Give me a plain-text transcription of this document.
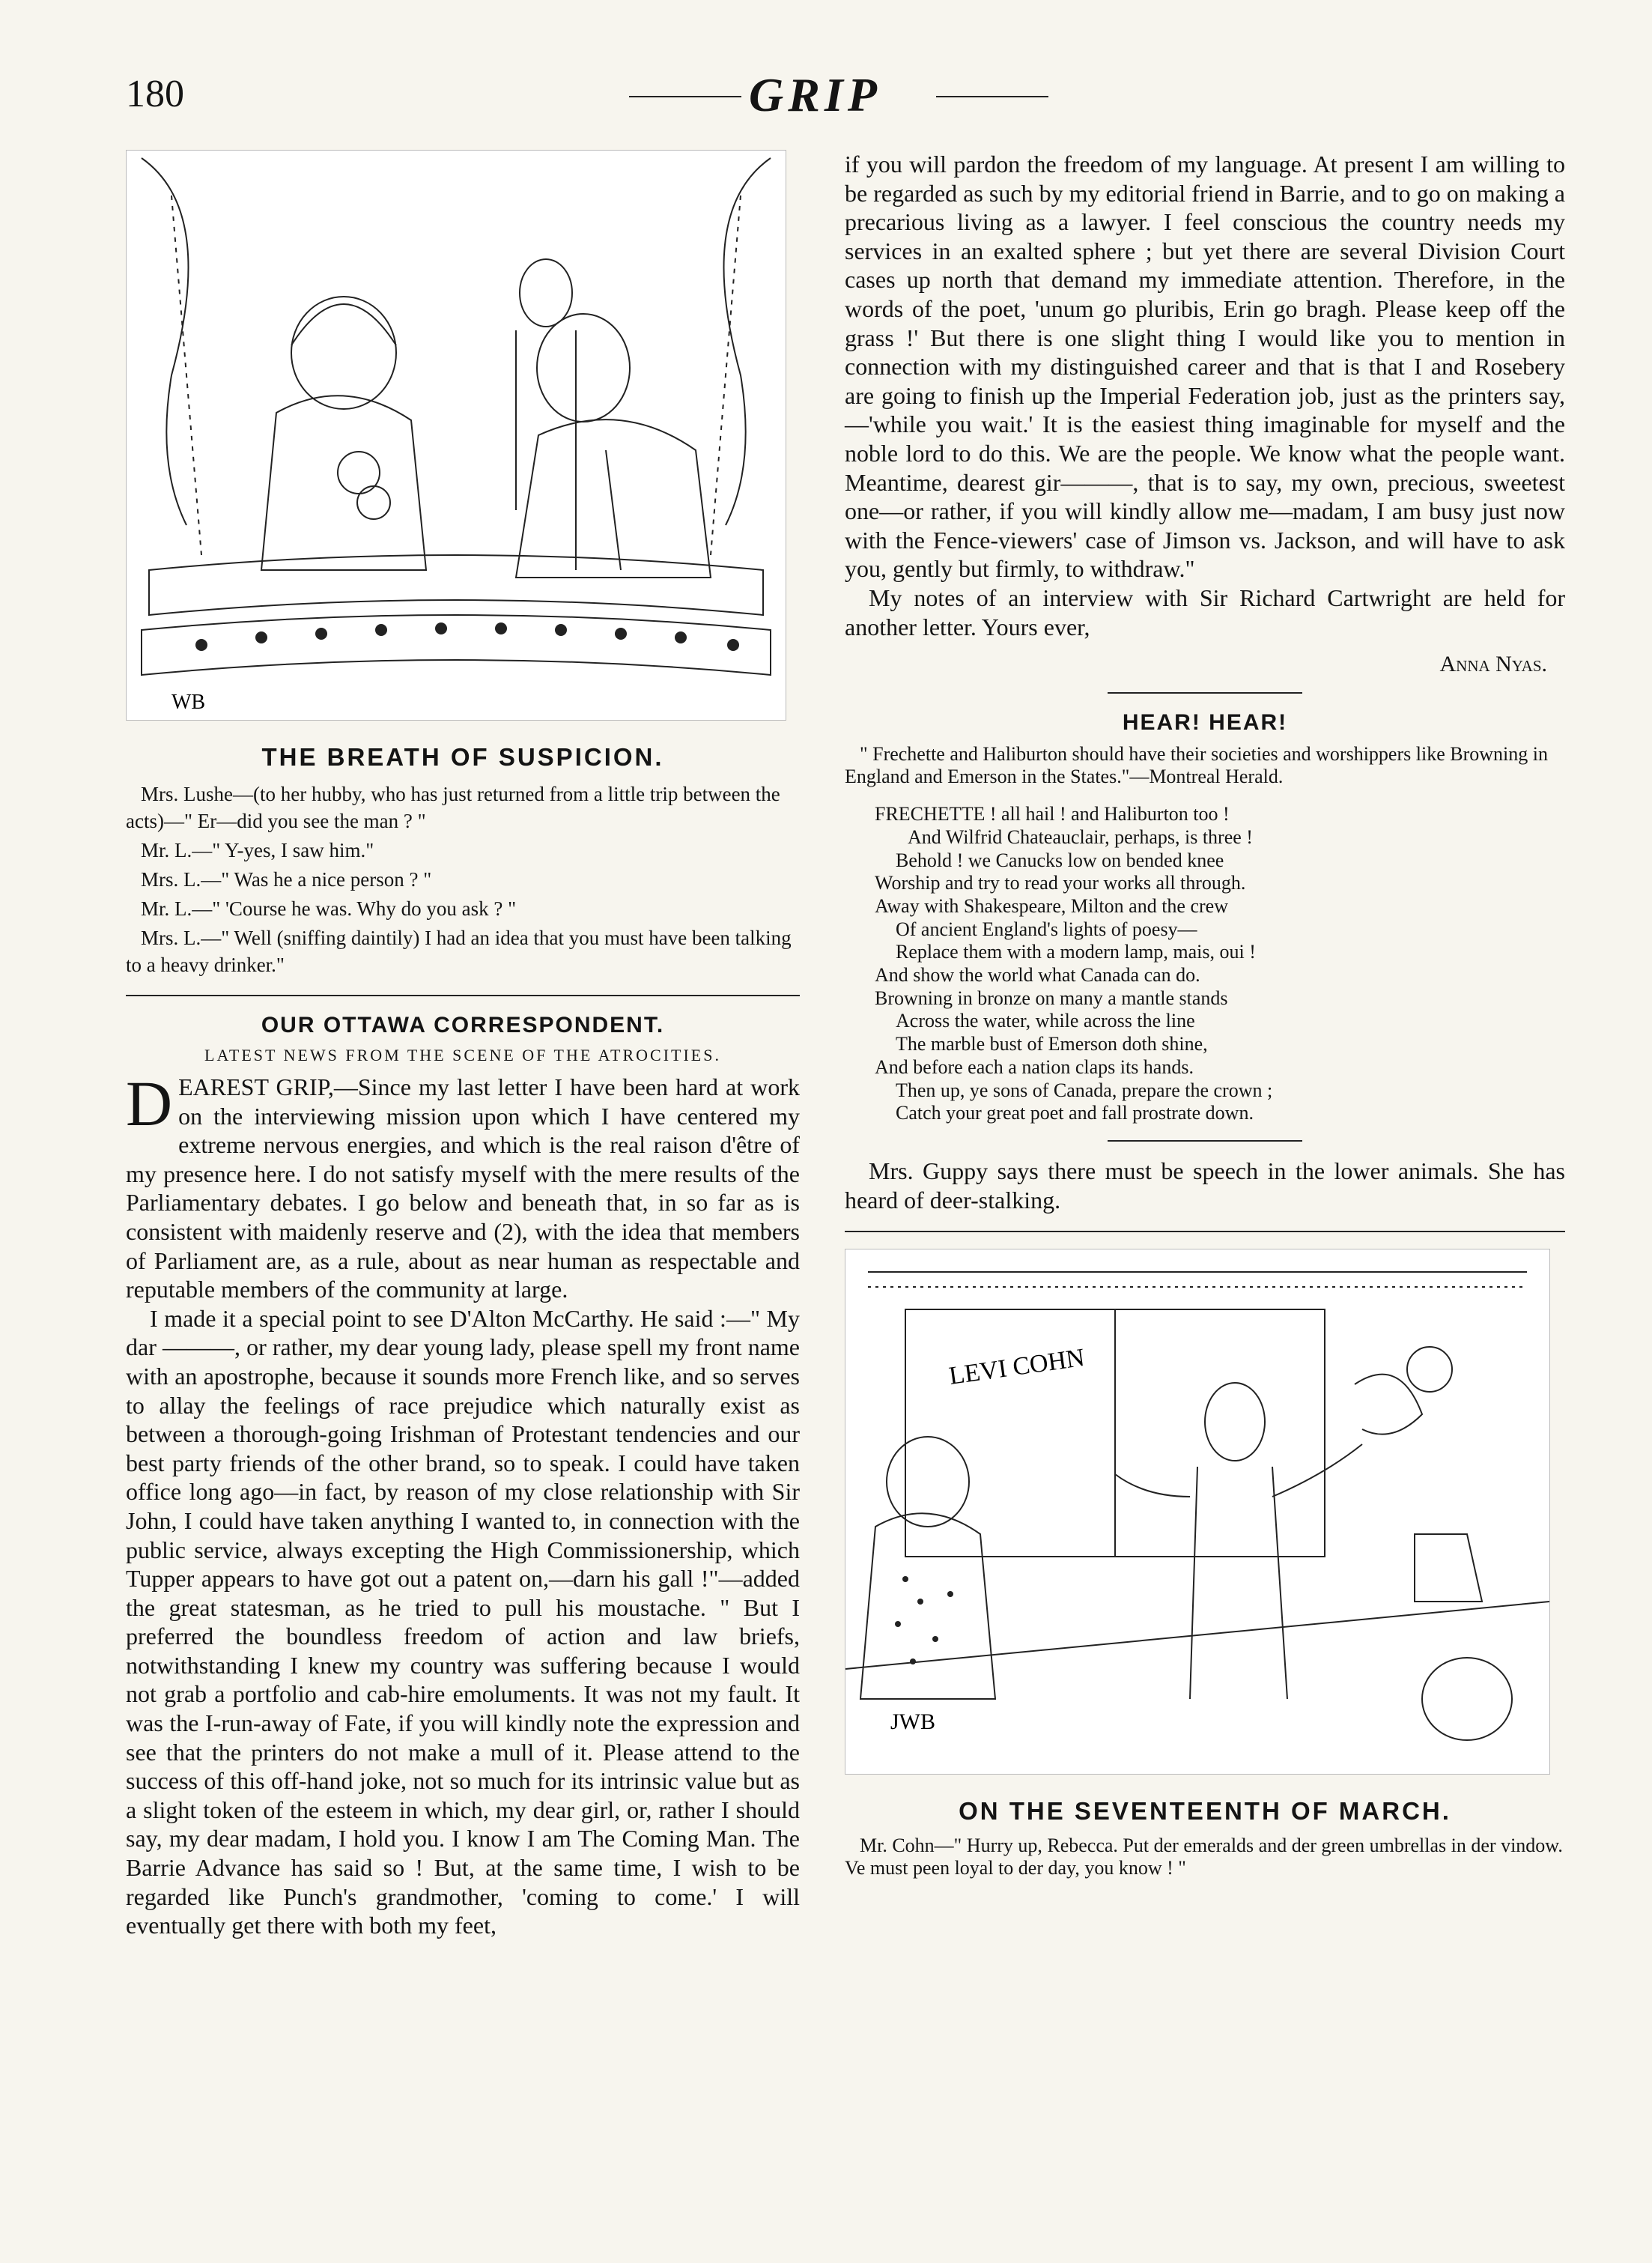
180	GRIP
WB
THE BREATH OF SUSPICION.

Mrs. Lushe—(to her hubby, who has just returned from a little trip between the acts)—" Er—did you see the man ? "

Mr. L.—" Y-yes, I saw him."

Mrs. L.—" Was he a nice person ? "

Mr. L.—" 'Course he was. Why do you ask ? "

Mrs. L.—" Well (sniffing daintily) I had an idea that you must have been talking to a heavy drinker."

OUR OTTAWA CORRESPONDENT.
LATEST NEWS FROM THE SCENE OF THE ATROCITIES.

DEAREST GRIP,—Since my last letter I have been hard at work on the interviewing mission upon which I have centered my extreme nervous energies, and which is the real raison d'être of my presence here. I do not satisfy myself with the mere results of the Parliamentary debates. I go below and beneath that, in so far as is consistent with maidenly reserve and (2), with the idea that members of Parliament are, as a rule, about as near human as respectable and reputable members of the community at large.

I made it a special point to see D'Alton McCarthy. He said :—" My dar ———, or rather, my dear young lady, please spell my front name with an apostrophe, because it sounds more French like, and so serves to allay the feelings of race prejudice which naturally exist as between a thorough-going Irishman of Protestant tendencies and our best party friends of the other brand, so to speak. I could have taken office long ago—in fact, by reason of my close relationship with Sir John, I could have taken anything I wanted to, in connection with the public service, always excepting the High Commissionership, which Tupper appears to have got out a patent on,—darn his gall !"—added the great statesman, as he tried to pull his moustache. " But I preferred the boundless freedom of action and law briefs, notwithstanding I knew my country was suffering because I would not grab a portfolio and cab-hire emoluments. It was not my fault. It was the I-run-away of Fate, if you will kindly note the expression and see that the printers do not make a mull of it. Please attend to the success of this off-hand joke, not so much for its intrinsic value but as a slight token of the esteem in which, my dear girl, or, rather I should say, my dear madam, I hold you. I know I am The Coming Man. The Barrie Advance has said so ! But, at the same time, I wish to be regarded like Punch's grandmother, 'coming to come.' I will eventually get there with both my feet,

if you will pardon the freedom of my language. At present I am willing to be regarded as such by my editorial friend in Barrie, and to go on making a precarious living as a lawyer. I feel conscious the country needs my services in an exalted sphere ; but yet there are several Division Court cases up north that demand my immediate attention. Therefore, in the words of the poet, 'unum go pluribis, Erin go bragh. Please keep off the grass !' But there is one slight thing I would like you to mention in connection with my distinguished career and that is that I and Rosebery are going to finish up the Imperial Federation job, just as the printers say,—'while you wait.' It is the easiest thing imaginable for myself and the noble lord to do this. We are the people. We know what the people want. Meantime, dearest gir———, that is to say, my own, precious, sweetest one—or rather, if you will kindly allow me—madam, I am busy just now with the Fence-viewers' case of Jimson vs. Jackson, and will have to ask you, gently but firmly, to withdraw."

My notes of an interview with Sir Richard Cartwright are held for another letter. Yours ever,

Anna Nyas.
HEAR! HEAR!

" Frechette and Haliburton should have their societies and worshippers like Browning in England and Emerson in the States."—Montreal Herald.

FRECHETTE ! all hail ! and Haliburton too !
And Wilfrid Chateauclair, perhaps, is three !
Behold ! we Canucks low on bended knee
Worship and try to read your works all through.
Away with Shakespeare, Milton and the crew
Of ancient England's lights of poesy—
Replace them with a modern lamp, mais, oui !
And show the world what Canada can do.
Browning in bronze on many a mantle stands
Across the water, while across the line
The marble bust of Emerson doth shine,
And before each a nation claps its hands.
Then up, ye sons of Canada, prepare the crown ;
Catch your great poet and fall prostrate down.

Mrs. Guppy says there must be speech in the lower animals. She has heard of deer-stalking.

LEVI COHN
JWB
ON THE SEVENTEENTH OF MARCH.

Mr. Cohn—" Hurry up, Rebecca. Put der emeralds and der green umbrellas in der vindow. Ve must peen loyal to der day, you know ! "
